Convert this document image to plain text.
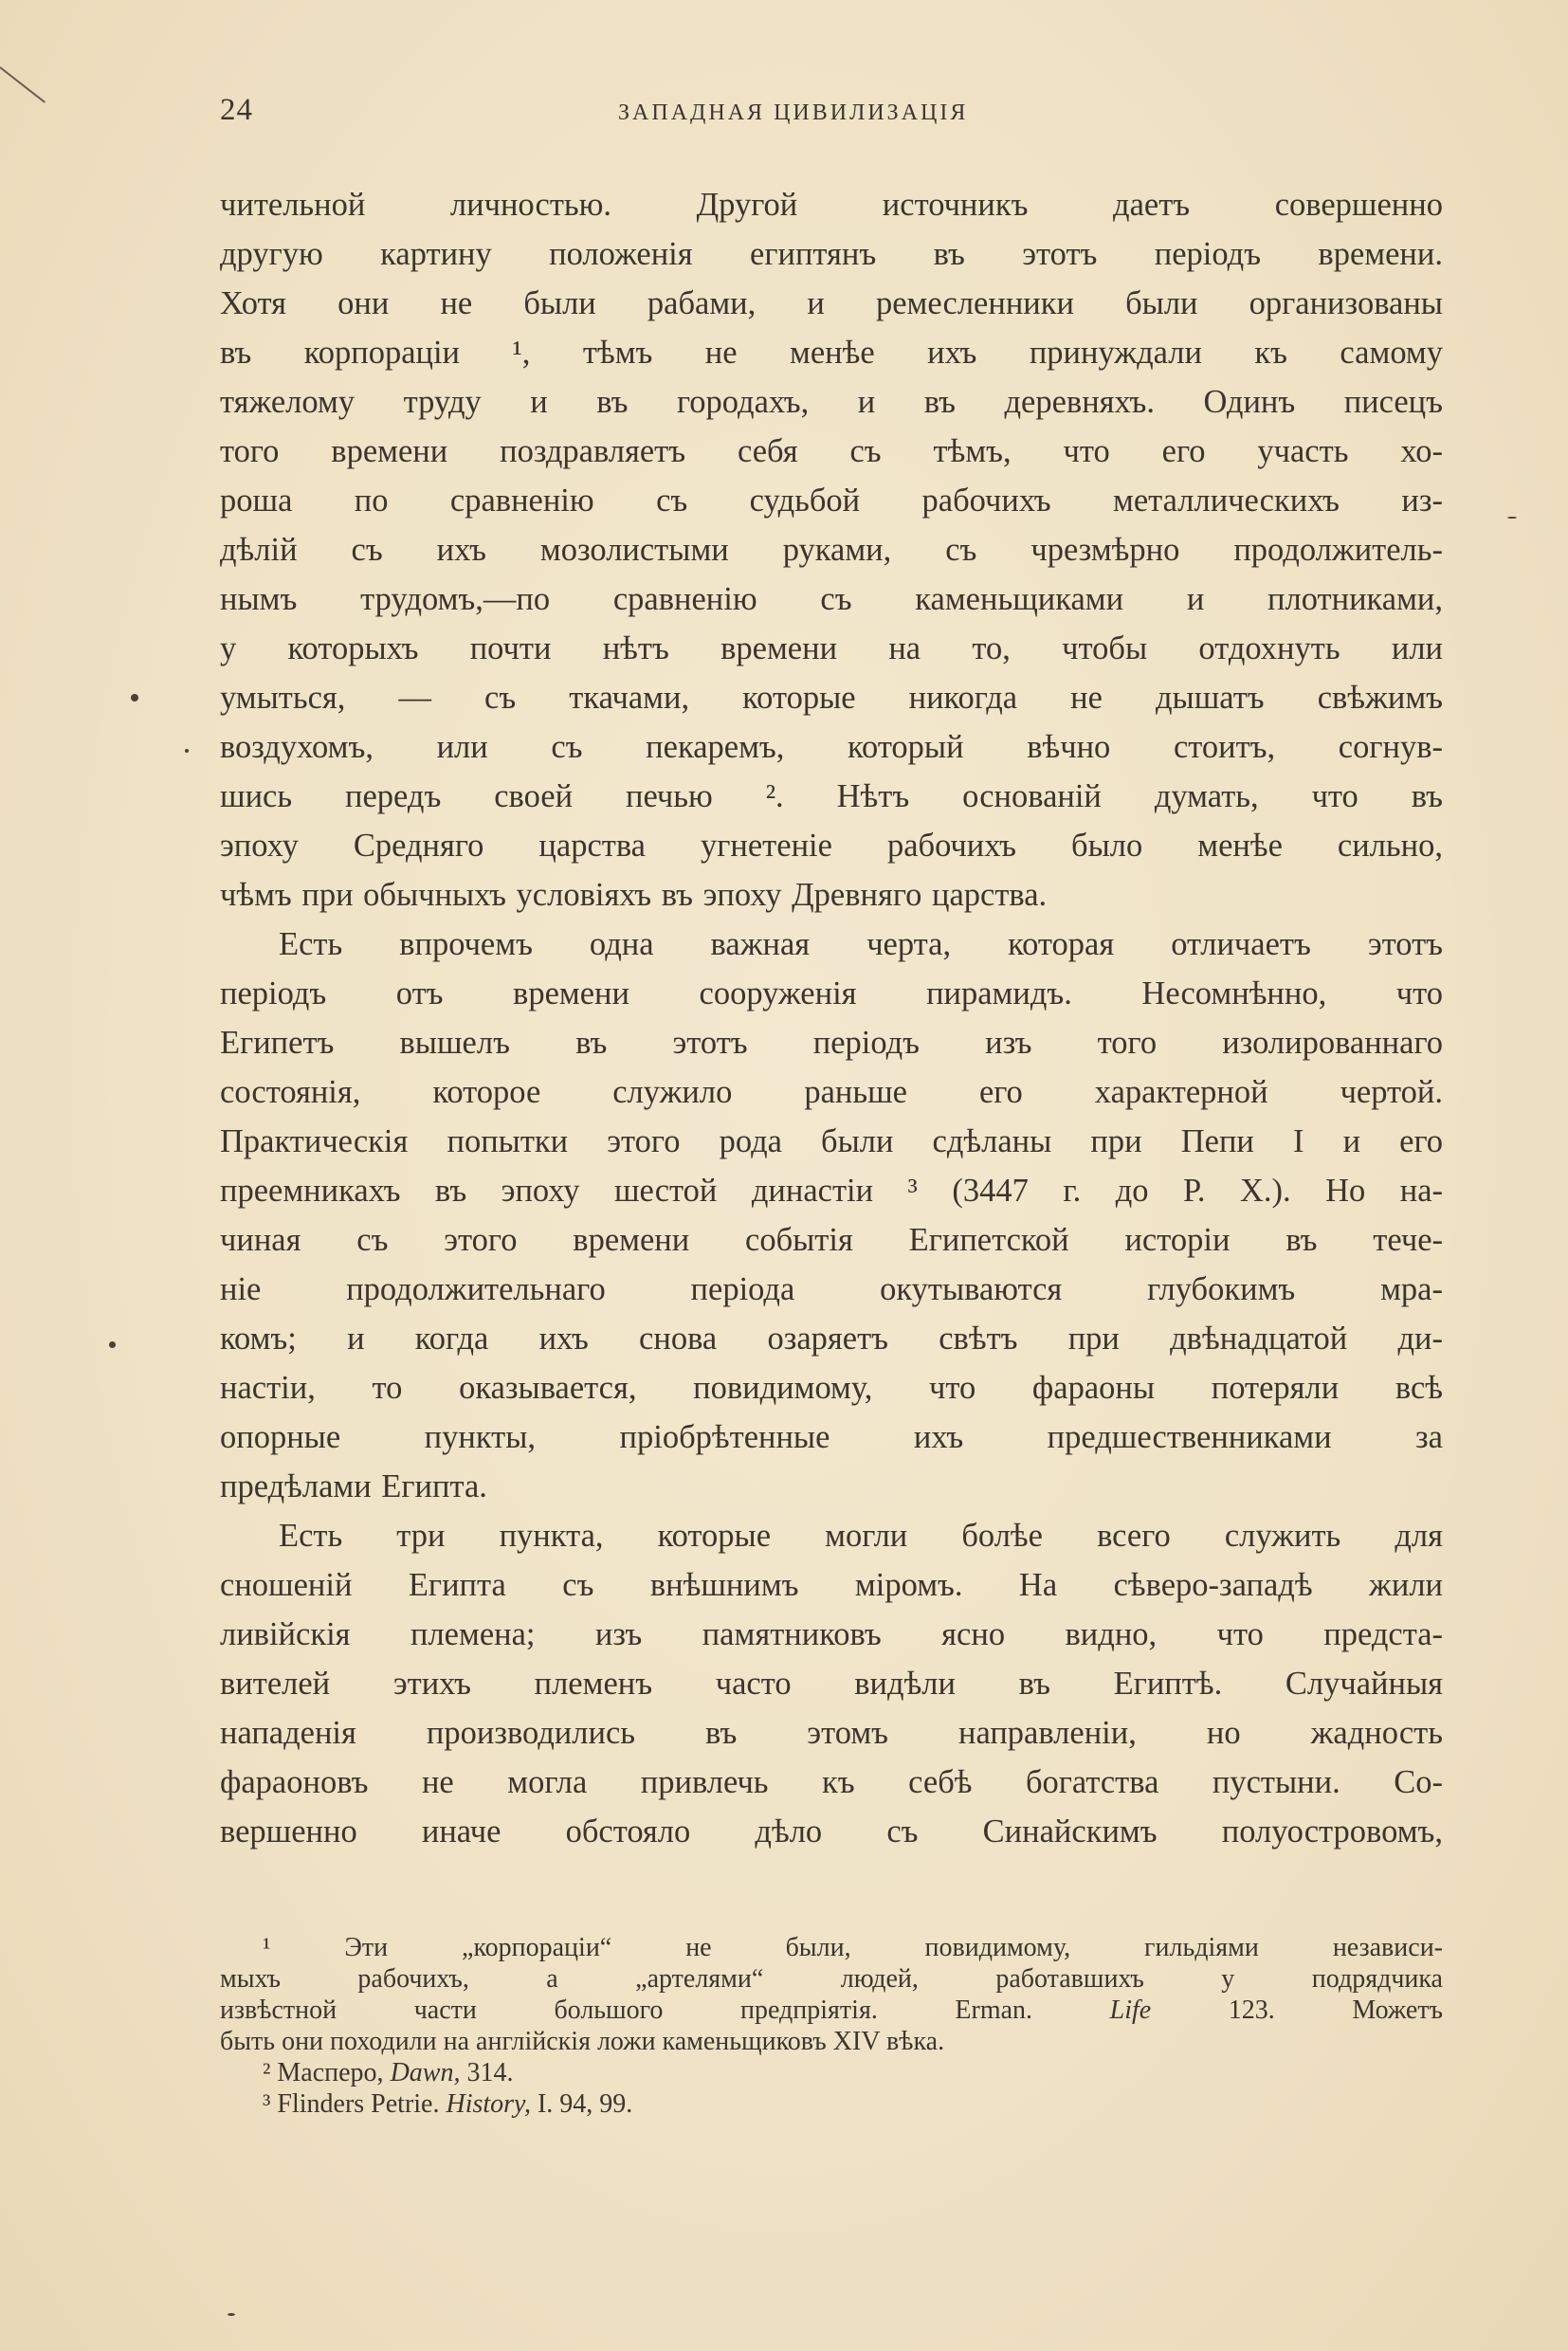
24	ЗАПАДНАЯ ЦИВИЛИЗАЦІЯ
чительной личностью. Другой источникъ даетъ совершенно
другую картину положенія египтянъ въ этотъ періодъ времени.
Хотя они не были рабами, и ремесленники были организованы
въ корпораціи ¹, тѣмъ не менѣе ихъ принуждали къ самому
тяжелому труду и въ городахъ, и въ деревняхъ. Одинъ писецъ
того времени поздравляетъ себя съ тѣмъ, что его участь хо-
роша по сравненію съ судьбой рабочихъ металлическихъ из-
дѣлій съ ихъ мозолистыми руками, съ чрезмѣрно продолжитель-
нымъ трудомъ,—по сравненію съ каменьщиками и плотниками,
у которыхъ почти нѣтъ времени на то, чтобы отдохнуть или
умыться, — съ ткачами, которые никогда не дышатъ свѣжимъ
воздухомъ, или съ пекаремъ, который вѣчно стоитъ, согнув-
шись передъ своей печью ². Нѣтъ основаній думать, что въ
эпоху Средняго царства угнетеніе рабочихъ было менѣе сильно,
чѣмъ при обычныхъ условіяхъ въ эпоху Древняго царства.
Есть впрочемъ одна важная черта, которая отличаетъ этотъ
періодъ отъ времени сооруженія пирамидъ. Несомнѣнно, что
Египетъ вышелъ въ этотъ періодъ изъ того изолированнаго
состоянія, которое служило раньше его характерной чертой.
Практическія попытки этого рода были сдѣланы при Пепи I и его
преемникахъ въ эпоху шестой династіи ³ (3447 г. до Р. Х.). Но на-
чиная съ этого времени событія Египетской исторіи въ тече-
ніе продолжительнаго періода окутываются глубокимъ мра-
комъ; и когда ихъ снова озаряетъ свѣтъ при двѣнадцатой ди-
настіи, то оказывается, повидимому, что фараоны потеряли всѣ
опорные пункты, пріобрѣтенные ихъ предшественниками за
предѣлами Египта.
Есть три пункта, которые могли болѣе всего служить для
сношеній Египта съ внѣшнимъ міромъ. На сѣверо-западѣ жили
ливійскія племена; изъ памятниковъ ясно видно, что предста-
вителей этихъ племенъ часто видѣли въ Египтѣ. Случайныя
нападенія производились въ этомъ направленіи, но жадность
фараоновъ не могла привлечь къ себѣ богатства пустыни. Со-
вершенно иначе обстояло дѣло съ Синайскимъ полуостровомъ,
¹ Эти „корпораціи“ не были, повидимому, гильдіями независи-
мыхъ рабочихъ, а „артелями“ людей, работавшихъ у подрядчика
извѣстной части большого предпріятія. Erman. Life 123. Можетъ
быть они походили на англійскія ложи каменьщиковъ XIV вѣка.
² Масперо, Dawn, 314.
³ Flinders Petrie. History, I. 94, 99.
